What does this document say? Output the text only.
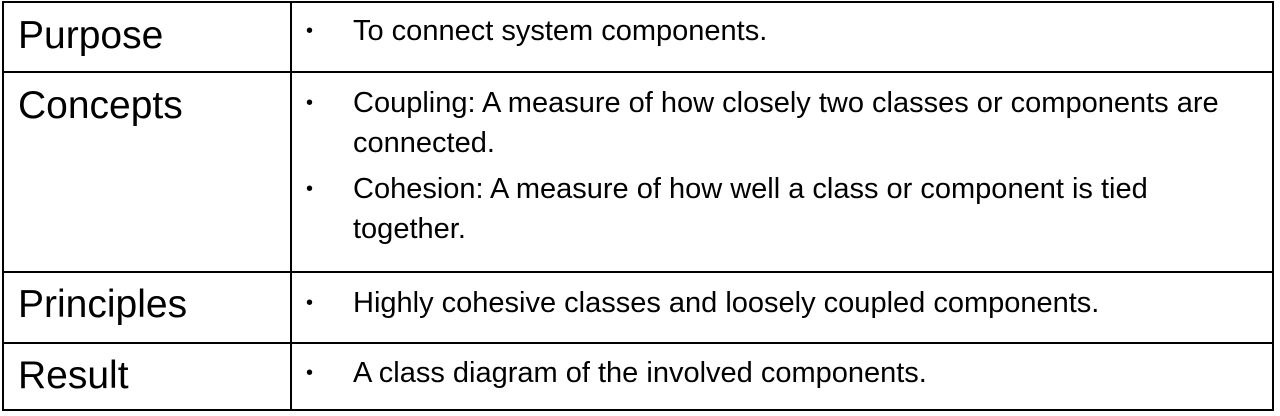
Purpose	• To connect system components.
Concepts	• Coupling: A measure of how closely two classes or components are connected.
• Cohesion: A measure of how well a class or component is tied together.
Principles	• Highly cohesive classes and loosely coupled components.
Result	• A class diagram of the involved components.
